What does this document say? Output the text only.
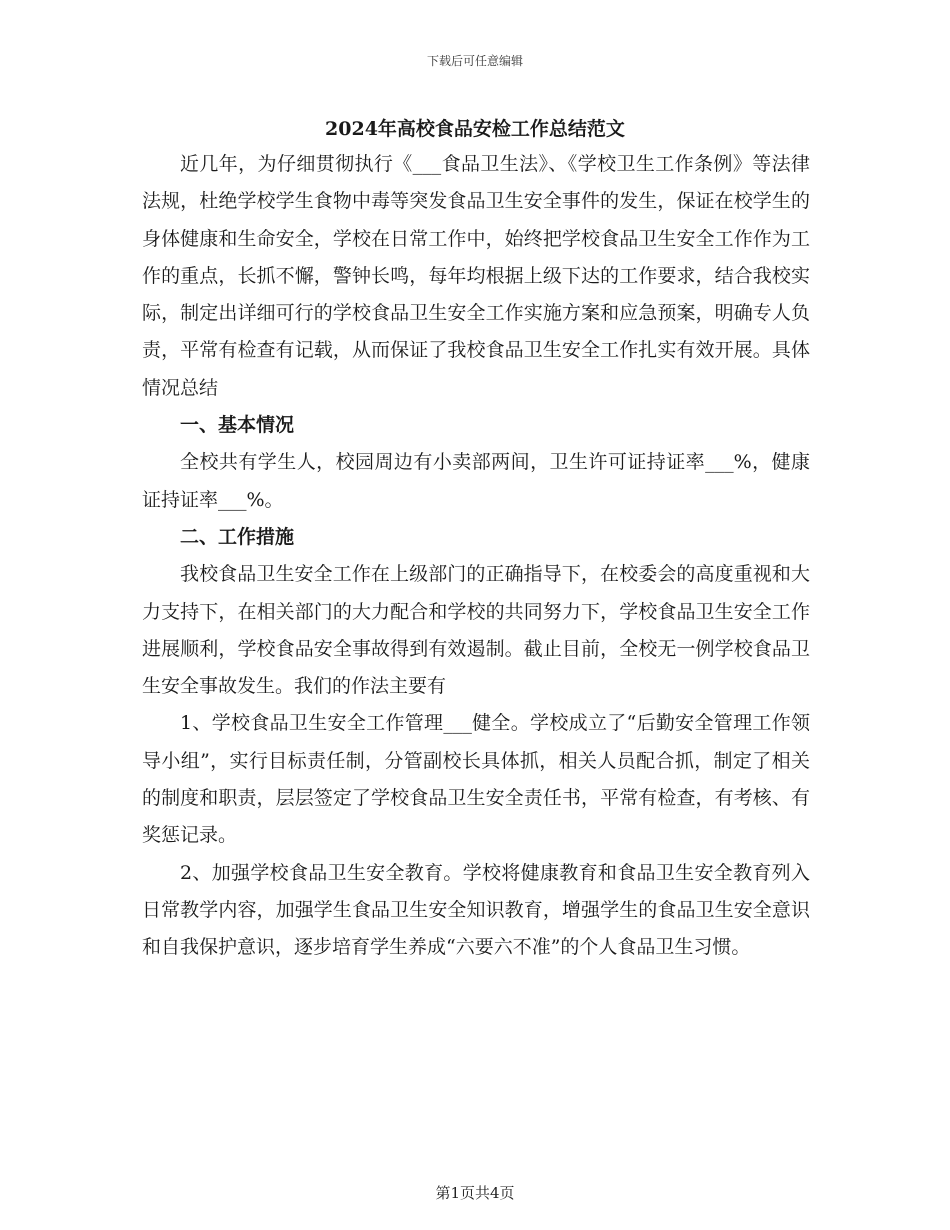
下载后可任意编辑
2024年高校食品安检工作总结范文

近几年，为仔细贯彻执行《___食品卫生法》、《学校卫生工作条例》等法律法规，杜绝学校学生食物中毒等突发食品卫生安全事件的发生，保证在校学生的身体健康和生命安全，学校在日常工作中，始终把学校食品卫生安全工作作为工作的重点，长抓不懈，警钟长鸣，每年均根据上级下达的工作要求，结合我校实际，制定出详细可行的学校食品卫生安全工作实施方案和应急预案，明确专人负责，平常有检查有记载，从而保证了我校食品卫生安全工作扎实有效开展。具体情况总结

一、基本情况

全校共有学生人，校园周边有小卖部两间，卫生许可证持证率___%，健康证持证率___%。

二、工作措施

我校食品卫生安全工作在上级部门的正确指导下，在校委会的高度重视和大力支持下，在相关部门的大力配合和学校的共同努力下，学校食品卫生安全工作进展顺利，学校食品安全事故得到有效遏制。截止目前，全校无一例学校食品卫生安全事故发生。我们的作法主要有

1、学校食品卫生安全工作管理___健全。学校成立了“后勤安全管理工作领导小组”，实行目标责任制，分管副校长具体抓，相关人员配合抓，制定了相关的制度和职责，层层签定了学校食品卫生安全责任书，平常有检查，有考核、有奖惩记录。

2、加强学校食品卫生安全教育。学校将健康教育和食品卫生安全教育列入日常教学内容，加强学生食品卫生安全知识教育，增强学生的食品卫生安全意识和自我保护意识，逐步培育学生养成“六要六不准”的个人食品卫生习惯。

第1页共4页
